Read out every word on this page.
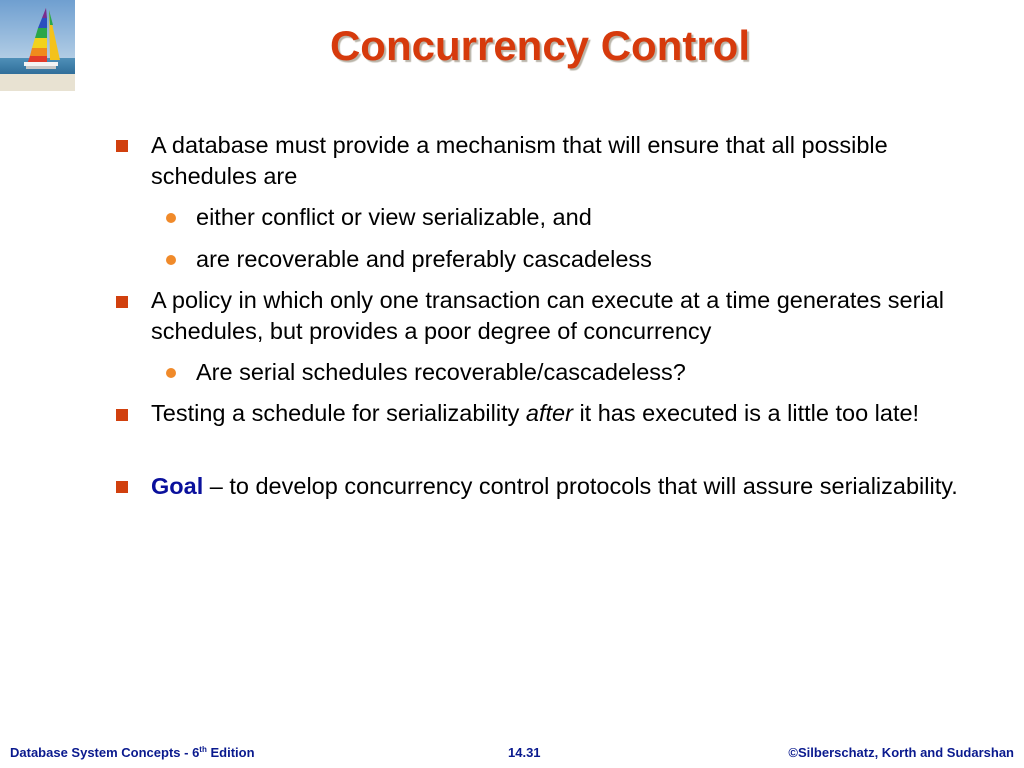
Concurrency Control
A database must provide a mechanism that will ensure that all possible schedules are
either conflict or view serializable, and
are recoverable and preferably cascadeless
A policy in which only one transaction can execute at a time generates serial schedules, but provides a poor degree of concurrency
Are serial schedules recoverable/cascadeless?
Testing a schedule for serializability after it has executed is a little too late!
Goal – to develop concurrency control protocols that will assure serializability.
Database System Concepts - 6th Edition	14.31	©Silberschatz, Korth and Sudarshan
